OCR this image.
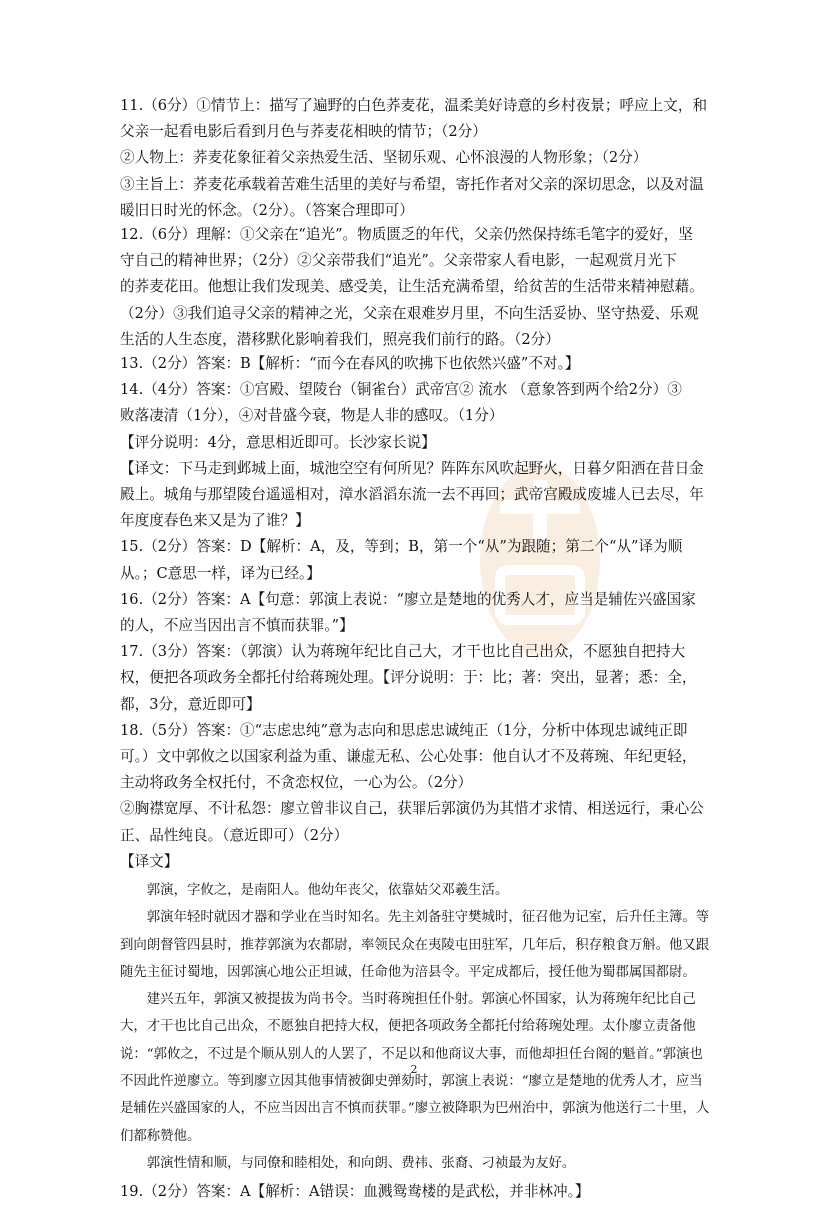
11.（6分）①情节上：描写了遍野的白色荞麦花，温柔美好诗意的乡村夜景；呼应上文，和
父亲一起看电影后看到月色与荞麦花相映的情节；（2分）
②人物上：荞麦花象征着父亲热爱生活、坚韧乐观、心怀浪漫的人物形象；（2分）
③主旨上：荞麦花承载着苦难生活里的美好与希望，寄托作者对父亲的深切思念，以及对温
暖旧日时光的怀念。（2分）。（答案合理即可）
12.（6分）理解：①父亲在“追光”。物质匮乏的年代，父亲仍然保持练毛笔字的爱好，坚
守自己的精神世界；（2分）②父亲带我们“追光”。父亲带家人看电影，一起观赏月光下
的荞麦花田。他想让我们发现美、感受美，让生活充满希望，给贫苦的生活带来精神慰藉。
（2分）③我们追寻父亲的精神之光，父亲在艰难岁月里，不向生活妥协、坚守热爱、乐观
生活的人生态度，潜移默化影响着我们，照亮我们前行的路。（2分）
13.（2分）答案：B【解析：“而今在春风的吹拂下也依然兴盛”不对。】
14.（4分）答案：①宫殿、望陵台（铜雀台）武帝宫② 流水 （意象答到两个给2分）③
败落凄清（1分），④对昔盛今衰，物是人非的感叹。（1分）
【评分说明：4分，意思相近即可。长沙家长说】
【译文：下马走到邺城上面，城池空空有何所见？阵阵东风吹起野火，日暮夕阳洒在昔日金
殿上。城角与那望陵台遥遥相对，漳水滔滔东流一去不再回；武帝宫殿成废墟人已去尽，年
年度度春色来又是为了谁？】
15.（2分）答案：D【解析：A，及，等到；B，第一个“从”为跟随；第二个“从”译为顺
从。；C意思一样，译为已经。】
16.（2分）答案：A【句意：郭演上表说：“廖立是楚地的优秀人才，应当是辅佐兴盛国家
的人，不应当因出言不慎而获罪。”】
17.（3分）答案：（郭演）认为蒋琬年纪比自己大，才干也比自己出众，不愿独自把持大
权，便把各项政务全都托付给蒋琬处理。【评分说明：于：比；著：突出，显著；悉：全，
都，3分，意近即可】
18.（5分）答案：①“志虑忠纯”意为志向和思虑忠诚纯正（1分，分析中体现忠诚纯正即
可。）文中郭攸之以国家利益为重、谦虚无私、公心处事：他自认才不及蒋琬、年纪更轻，
主动将政务全权托付，不贪恋权位，一心为公。（2分）
②胸襟宽厚、不计私怨：廖立曾非议自己，获罪后郭演仍为其惜才求情、相送远行，秉心公
正、品性纯良。（意近即可）（2分）
【译文】

郭演，字攸之，是南阳人。他幼年丧父，依靠姑父邓羲生活。

郭演年轻时就因才器和学业在当时知名。先主刘备驻守樊城时，征召他为记室，后升任主簿。等到向朗督管四县时，推荐郭演为农都尉，率领民众在夷陵屯田驻军，几年后，积存粮食万斛。他又跟随先主征讨蜀地，因郭演心地公正坦诚，任命他为涪县令。平定成都后，授任他为蜀郡属国都尉。

建兴五年，郭演又被提拔为尚书令。当时蒋琬担任仆射。郭演心怀国家，认为蒋琬年纪比自己大，才干也比自己出众，不愿独自把持大权，便把各项政务全都托付给蒋琬处理。太仆廖立责备他说：“郭攸之，不过是个顺从别人的人罢了，不足以和他商议大事，而他却担任台阁的魁首。”郭演也不因此忤逆廖立。等到廖立因其他事情被御史弹劾时，郭演上表说：“廖立是楚地的优秀人才，应当是辅佐兴盛国家的人，不应当因出言不慎而获罪。”廖立被降职为巴州治中，郭演为他送行二十里，人们都称赞他。

郭演性情和顺，与同僚和睦相处，和向朗、费祎、张裔、刁祯最为友好。

19.（2分）答案：A【解析：A错误：血溅鸳鸯楼的是武松，并非林冲。】
2
